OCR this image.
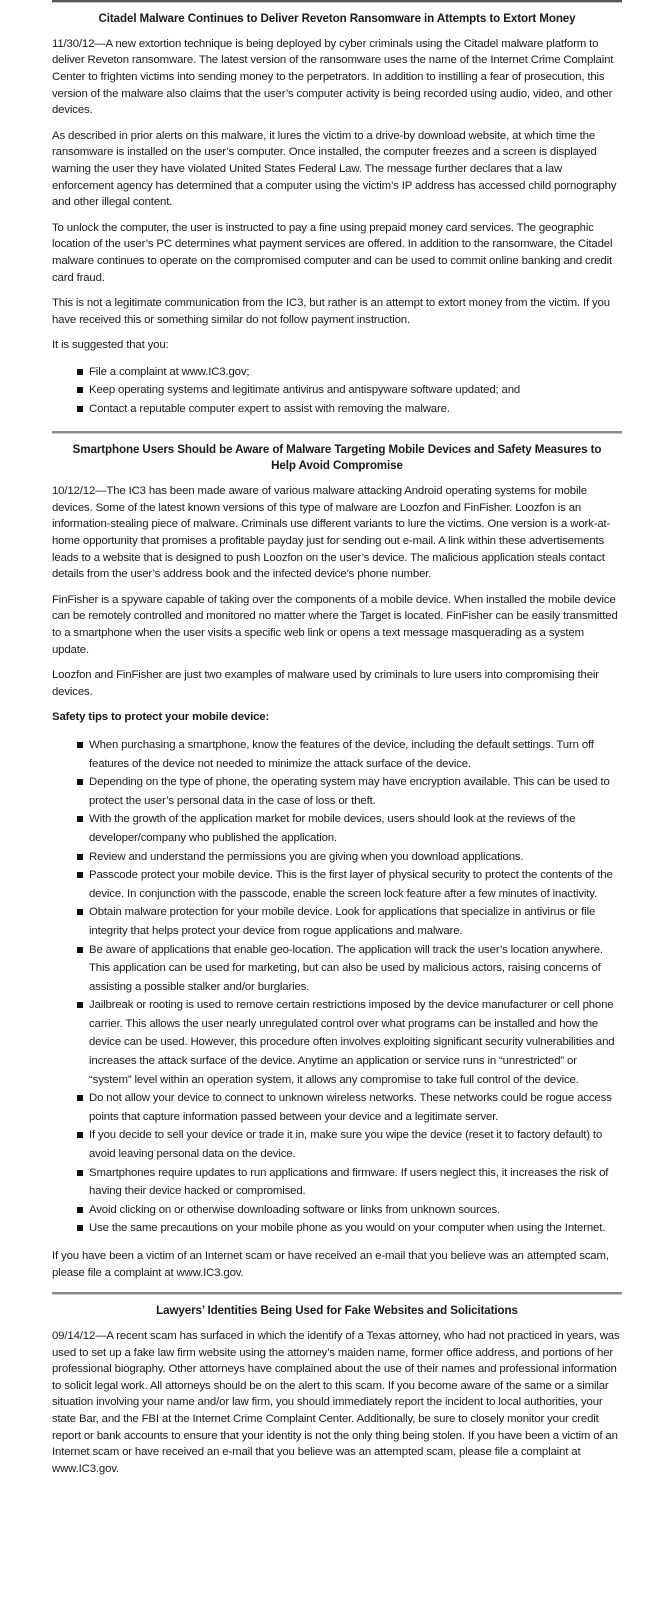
Citadel Malware Continues to Deliver Reveton Ransomware in Attempts to Extort Money

11/30/12—A new extortion technique is being deployed by cyber criminals using the Citadel malware platform to deliver Reveton ransomware. The latest version of the ransomware uses the name of the Internet Crime Complaint Center to frighten victims into sending money to the perpetrators. In addition to instilling a fear of prosecution, this version of the malware also claims that the user’s computer activity is being recorded using audio, video, and other devices.

As described in prior alerts on this malware, it lures the victim to a drive-by download website, at which time the ransomware is installed on the user’s computer. Once installed, the computer freezes and a screen is displayed warning the user they have violated United States Federal Law. The message further declares that a law enforcement agency has determined that a computer using the victim’s IP address has accessed child pornography and other illegal content.

To unlock the computer, the user is instructed to pay a fine using prepaid money card services. The geographic location of the user’s PC determines what payment services are offered. In addition to the ransomware, the Citadel malware continues to operate on the compromised computer and can be used to commit online banking and credit card fraud.

This is not a legitimate communication from the IC3, but rather is an attempt to extort money from the victim. If you have received this or something similar do not follow payment instruction.

It is suggested that you:

File a complaint at www.IC3.gov;
Keep operating systems and legitimate antivirus and antispyware software updated; and
Contact a reputable computer expert to assist with removing the malware.
Smartphone Users Should be Aware of Malware Targeting Mobile Devices and Safety Measures to Help Avoid Compromise

10/12/12—The IC3 has been made aware of various malware attacking Android operating systems for mobile devices. Some of the latest known versions of this type of malware are Loozfon and FinFisher. Loozfon is an information-stealing piece of malware. Criminals use different variants to lure the victims. One version is a work-at-home opportunity that promises a profitable payday just for sending out e-mail. A link within these advertisements leads to a website that is designed to push Loozfon on the user’s device. The malicious application steals contact details from the user’s address book and the infected device’s phone number.

FinFisher is a spyware capable of taking over the components of a mobile device. When installed the mobile device can be remotely controlled and monitored no matter where the Target is located. FinFisher can be easily transmitted to a smartphone when the user visits a specific web link or opens a text message masquerading as a system update.

Loozfon and FinFisher are just two examples of malware used by criminals to lure users into compromising their devices.

Safety tips to protect your mobile device:
When purchasing a smartphone, know the features of the device, including the default settings. Turn off features of the device not needed to minimize the attack surface of the device.
Depending on the type of phone, the operating system may have encryption available. This can be used to protect the user’s personal data in the case of loss or theft.
With the growth of the application market for mobile devices, users should look at the reviews of the developer/company who published the application.
Review and understand the permissions you are giving when you download applications.
Passcode protect your mobile device. This is the first layer of physical security to protect the contents of the device. In conjunction with the passcode, enable the screen lock feature after a few minutes of inactivity.
Obtain malware protection for your mobile device. Look for applications that specialize in antivirus or file integrity that helps protect your device from rogue applications and malware.
Be aware of applications that enable geo-location. The application will track the user’s location anywhere. This application can be used for marketing, but can also be used by malicious actors, raising concerns of assisting a possible stalker and/or burglaries.
Jailbreak or rooting is used to remove certain restrictions imposed by the device manufacturer or cell phone carrier. This allows the user nearly unregulated control over what programs can be installed and how the device can be used. However, this procedure often involves exploiting significant security vulnerabilities and increases the attack surface of the device. Anytime an application or service runs in “unrestricted” or “system” level within an operation system, it allows any compromise to take full control of the device.
Do not allow your device to connect to unknown wireless networks. These networks could be rogue access points that capture information passed between your device and a legitimate server.
If you decide to sell your device or trade it in, make sure you wipe the device (reset it to factory default) to avoid leaving personal data on the device.
Smartphones require updates to run applications and firmware. If users neglect this, it increases the risk of having their device hacked or compromised.
Avoid clicking on or otherwise downloading software or links from unknown sources.
Use the same precautions on your mobile phone as you would on your computer when using the Internet.

If you have been a victim of an Internet scam or have received an e-mail that you believe was an attempted scam, please file a complaint at www.IC3.gov.

Lawyers’ Identities Being Used for Fake Websites and Solicitations

09/14/12—A recent scam has surfaced in which the identify of a Texas attorney, who had not practiced in years, was used to set up a fake law firm website using the attorney’s maiden name, former office address, and portions of her professional biography. Other attorneys have complained about the use of their names and professional information to solicit legal work. All attorneys should be on the alert to this scam. If you become aware of the same or a similar situation involving your name and/or law firm, you should immediately report the incident to local authorities, your state Bar, and the FBI at the Internet Crime Complaint Center. Additionally, be sure to closely monitor your credit report or bank accounts to ensure that your identity is not the only thing being stolen. If you have been a victim of an Internet scam or have received an e-mail that you believe was an attempted scam, please file a complaint at www.IC3.gov.
